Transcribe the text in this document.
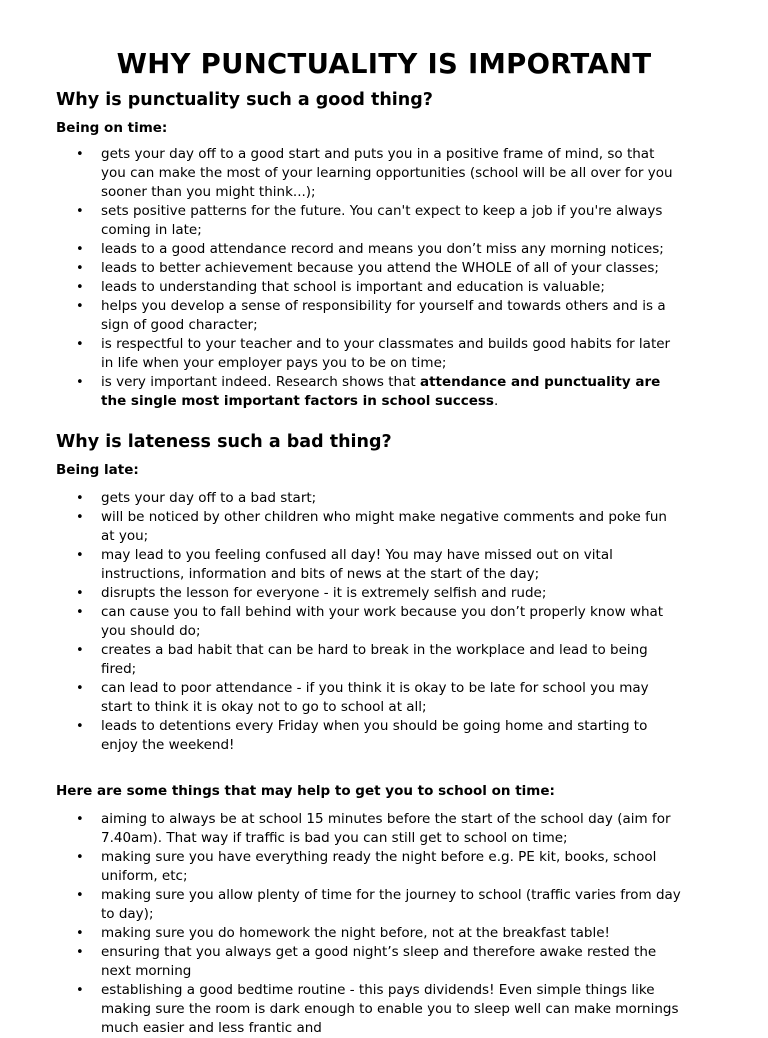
WHY PUNCTUALITY IS IMPORTANT
Why is punctuality such a good thing?
Being on time:
• gets your day off to a good start and puts you in a positive frame of mind, so that
you can make the most of your learning opportunities (school will be all over for you
sooner than you might think...);
• sets positive patterns for the future. You can't expect to keep a job if you're always
coming in late;
• leads to a good attendance record and means you don’t miss any morning notices;
• leads to better achievement because you attend the WHOLE of all of your classes;
• leads to understanding that school is important and education is valuable;
• helps you develop a sense of responsibility for yourself and towards others and is a
sign of good character;
• is respectful to your teacher and to your classmates and builds good habits for later
in life when your employer pays you to be on time;
• is very important indeed. Research shows that attendance and punctuality are
the single most important factors in school success.
Why is lateness such a bad thing?
Being late:
• gets your day off to a bad start;
• will be noticed by other children who might make negative comments and poke fun
at you;
• may lead to you feeling confused all day! You may have missed out on vital
instructions, information and bits of news at the start of the day;
• disrupts the lesson for everyone - it is extremely selfish and rude;
• can cause you to fall behind with your work because you don’t properly know what
you should do;
• creates a bad habit that can be hard to break in the workplace and lead to being
fired;
• can lead to poor attendance - if you think it is okay to be late for school you may
start to think it is okay not to go to school at all;
• leads to detentions every Friday when you should be going home and starting to
enjoy the weekend!
Here are some things that may help to get you to school on time:
• aiming to always be at school 15 minutes before the start of the school day (aim for
7.40am). That way if traffic is bad you can still get to school on time;
• making sure you have everything ready the night before e.g. PE kit, books, school
uniform, etc;
• making sure you allow plenty of time for the journey to school (traffic varies from day
to day);
• making sure you do homework the night before, not at the breakfast table!
• ensuring that you always get a good night’s sleep and therefore awake rested the
next morning
• establishing a good bedtime routine - this pays dividends! Even simple things like
making sure the room is dark enough to enable you to sleep well can make mornings
much easier and less frantic and
